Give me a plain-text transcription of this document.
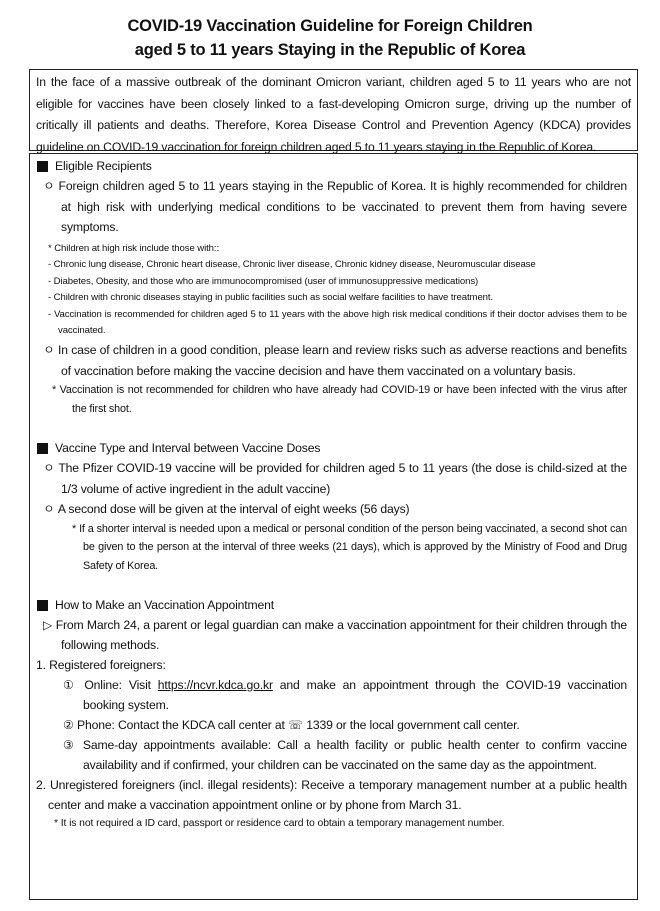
COVID-19 Vaccination Guideline for Foreign Children
aged 5 to 11 years Staying in the Republic of Korea

In the face of a massive outbreak of the dominant Omicron variant, children aged 5 to 11 years who are not eligible for vaccines have been closely linked to a fast-developing Omicron surge, driving up the number of critically ill patients and deaths. Therefore, Korea Disease Control and Prevention Agency (KDCA) provides guideline on COVID-19 vaccination for foreign children aged 5 to 11 years staying in the Republic of Korea.

Eligible Recipients

ㅇ Foreign children aged 5 to 11 years staying in the Republic of Korea. It is highly recommended for children at high risk with underlying medical conditions to be vaccinated to prevent them from having severe symptoms.

* Children at high risk include those with::

- Chronic lung disease, Chronic heart disease, Chronic liver disease, Chronic kidney disease, Neuromuscular disease

- Diabetes, Obesity, and those who are immunocompromised (user of immunosuppressive medications)

- Children with chronic diseases staying in public facilities such as social welfare facilities to have treatment.

- Vaccination is recommended for children aged 5 to 11 years with the above high risk medical conditions if their doctor advises them to be vaccinated.

ㅇ In case of children in a good condition, please learn and review risks such as adverse reactions and benefits of vaccination before making the vaccine decision and have them vaccinated on a voluntary basis.

* Vaccination is not recommended for children who have already had COVID-19 or have been infected with the virus after the first shot.

Vaccine Type and Interval between Vaccine Doses

ㅇ The Pfizer COVID-19 vaccine will be provided for children aged 5 to 11 years (the dose is child-sized at the 1/3 volume of active ingredient in the adult vaccine)

ㅇ A second dose will be given at the interval of eight weeks (56 days)

* If a shorter interval is needed upon a medical or personal condition of the person being vaccinated, a second shot can be given to the person at the interval of three weeks (21 days), which is approved by the Ministry of Food and Drug Safety of Korea.

How to Make an Vaccination Appointment

▷ From March 24, a parent or legal guardian can make a vaccination appointment for their children through the following methods.

1. Registered foreigners:

① Online: Visit https://ncvr.kdca.go.kr and make an appointment through the COVID-19 vaccination booking system.

② Phone: Contact the KDCA call center at ☏ 1339 or the local government call center.

③ Same-day appointments available: Call a health facility or public health center to confirm vaccine availability and if confirmed, your children can be vaccinated on the same day as the appointment.

2. Unregistered foreigners (incl. illegal residents): Receive a temporary management number at a public health center and make a vaccination appointment online or by phone from March 31.

* It is not required a ID card, passport or residence card to obtain a temporary management number.
